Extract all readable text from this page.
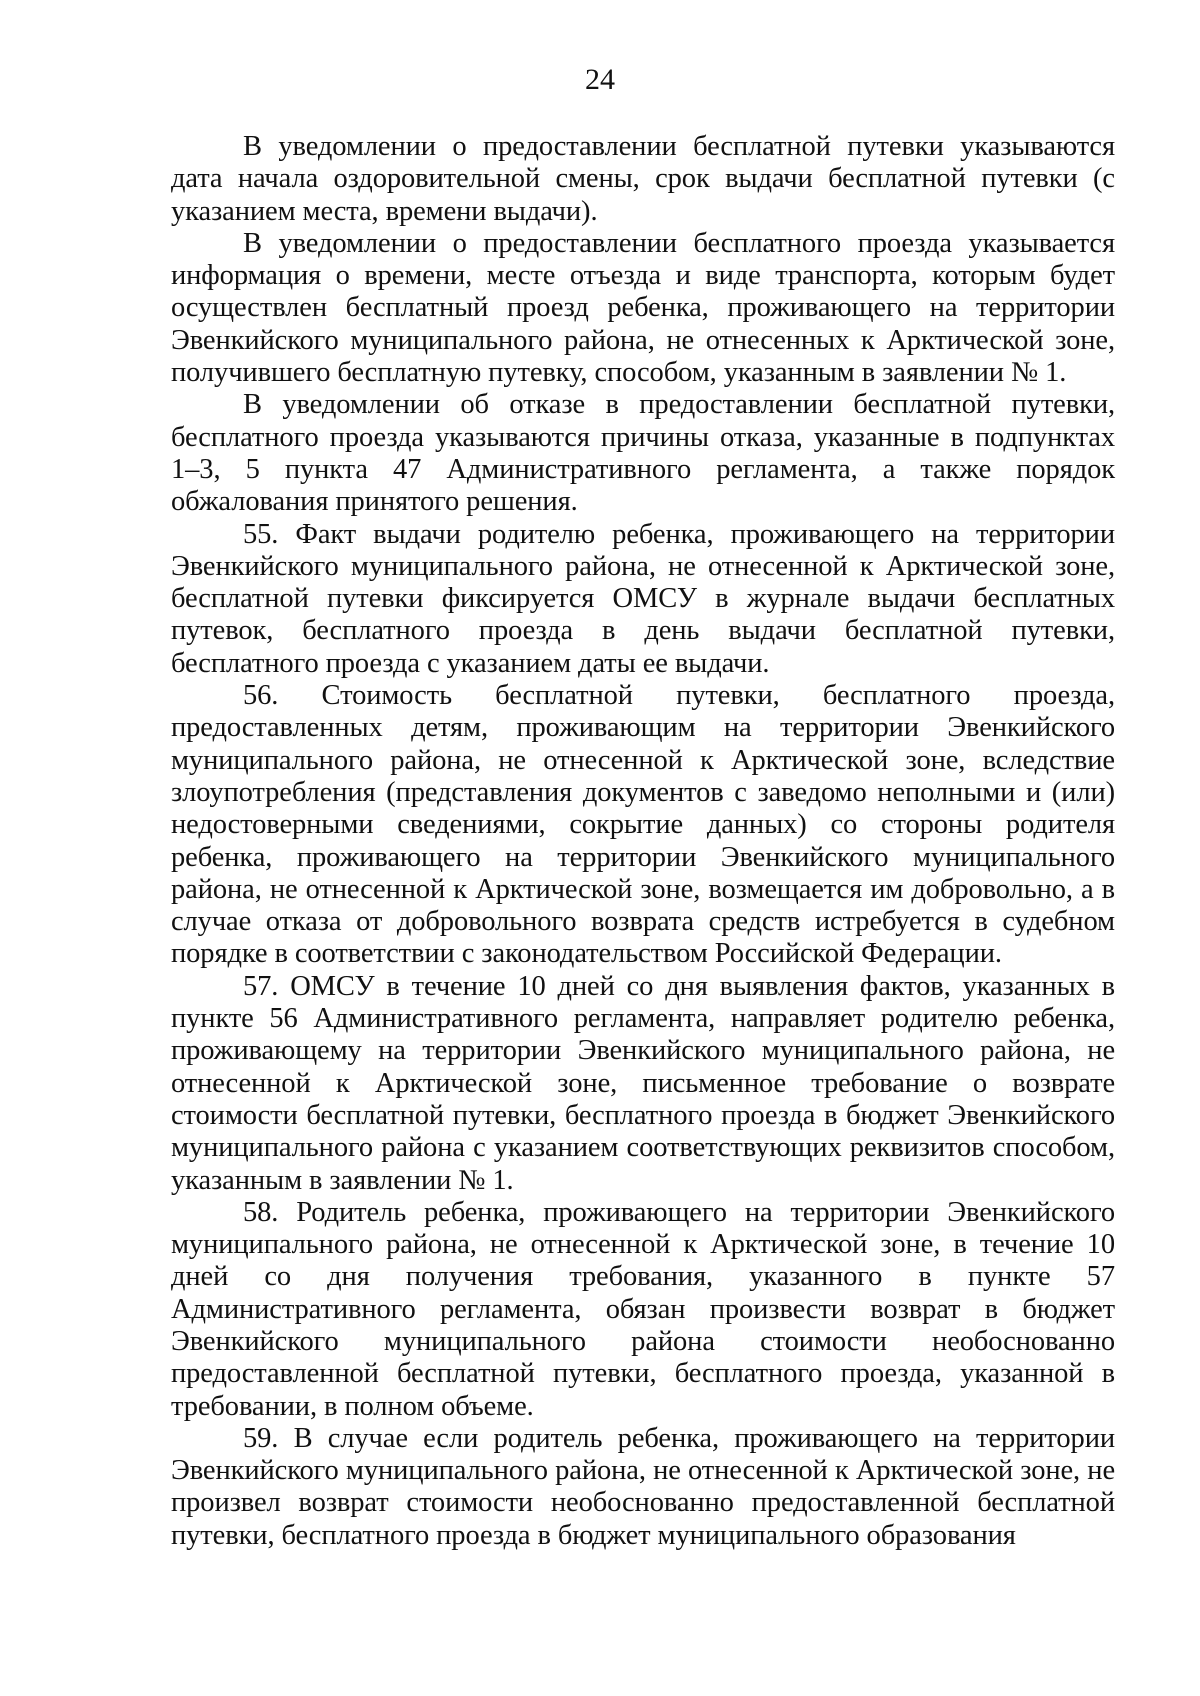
24

В уведомлении о предоставлении бесплатной путевки указываются дата начала оздоровительной смены, срок выдачи бесплатной путевки (с указанием места, времени выдачи).

В уведомлении о предоставлении бесплатного проезда указывается информация о времени, месте отъезда и виде транспорта, которым будет осуществлен бесплатный проезд ребенка, проживающего на территории Эвенкийского муниципального района, не отнесенных к Арктической зоне, получившего бесплатную путевку, способом, указанным в заявлении № 1.

В уведомлении об отказе в предоставлении бесплатной путевки, бесплатного проезда указываются причины отказа, указанные в подпунктах 1–3, 5 пункта 47 Административного регламента, а также порядок обжалования принятого решения.

55. Факт выдачи родителю ребенка, проживающего на территории Эвенкийского муниципального района, не отнесенной к Арктической зоне, бесплатной путевки фиксируется ОМСУ в журнале выдачи бесплатных путевок, бесплатного проезда в день выдачи бесплатной путевки, бесплатного проезда с указанием даты ее выдачи.

56. Стоимость бесплатной путевки, бесплатного проезда, предоставленных детям, проживающим на территории Эвенкийского муниципального района, не отнесенной к Арктической зоне, вследствие злоупотребления (представления документов с заведомо неполными и (или) недостоверными сведениями, сокрытие данных) со стороны родителя ребенка, проживающего на территории Эвенкийского муниципального района, не отнесенной к Арктической зоне, возмещается им добровольно, а в случае отказа от добровольного возврата средств истребуется в судебном порядке в соответствии с законодательством Российской Федерации.

57. ОМСУ в течение 10 дней со дня выявления фактов, указанных в пункте 56 Административного регламента, направляет родителю ребенка, проживающему на территории Эвенкийского муниципального района, не отнесенной к Арктической зоне, письменное требование о возврате стоимости бесплатной путевки, бесплатного проезда в бюджет Эвенкийского муниципального района с указанием соответствующих реквизитов способом, указанным в заявлении № 1.

58. Родитель ребенка, проживающего на территории Эвенкийского муниципального района, не отнесенной к Арктической зоне, в течение 10 дней со дня получения требования, указанного в пункте 57 Административного регламента, обязан произвести возврат в бюджет Эвенкийского муниципального района стоимости необоснованно предоставленной бесплатной путевки, бесплатного проезда, указанной в требовании, в полном объеме.

59. В случае если родитель ребенка, проживающего на территории Эвенкийского муниципального района, не отнесенной к Арктической зоне, не произвел возврат стоимости необоснованно предоставленной бесплатной путевки, бесплатного проезда в бюджет муниципального образования
